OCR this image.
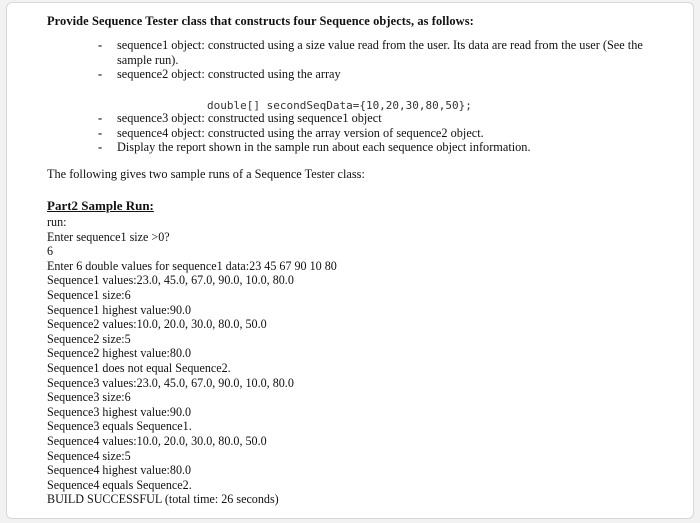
Provide Sequence Tester class that constructs four Sequence objects, as follows:
- sequence1 object: constructed using a size value read from the user. Its data are read from the user (See the sample run).
- sequence2 object: constructed using the array
double[] secondSeqData={10,20,30,80,50};
- sequence3 object: constructed using sequence1 object
- sequence4 object: constructed using the array version of sequence2 object.
- Display the report shown in the sample run about each sequence object information.
The following gives two sample runs of a Sequence Tester class:
Part2 Sample Run:
run:
Enter sequence1 size >0?
6
Enter 6 double values for sequence1 data:23 45 67 90 10 80
Sequence1 values:23.0, 45.0, 67.0, 90.0, 10.0, 80.0
Sequence1 size:6
Sequence1 highest value:90.0
Sequence2 values:10.0, 20.0, 30.0, 80.0, 50.0
Sequence2 size:5
Sequence2 highest value:80.0
Sequence1 does not equal Sequence2.
Sequence3 values:23.0, 45.0, 67.0, 90.0, 10.0, 80.0
Sequence3 size:6
Sequence3 highest value:90.0
Sequence3 equals Sequence1.
Sequence4 values:10.0, 20.0, 30.0, 80.0, 50.0
Sequence4 size:5
Sequence4 highest value:80.0
Sequence4 equals Sequence2.
BUILD SUCCESSFUL (total time: 26 seconds)
